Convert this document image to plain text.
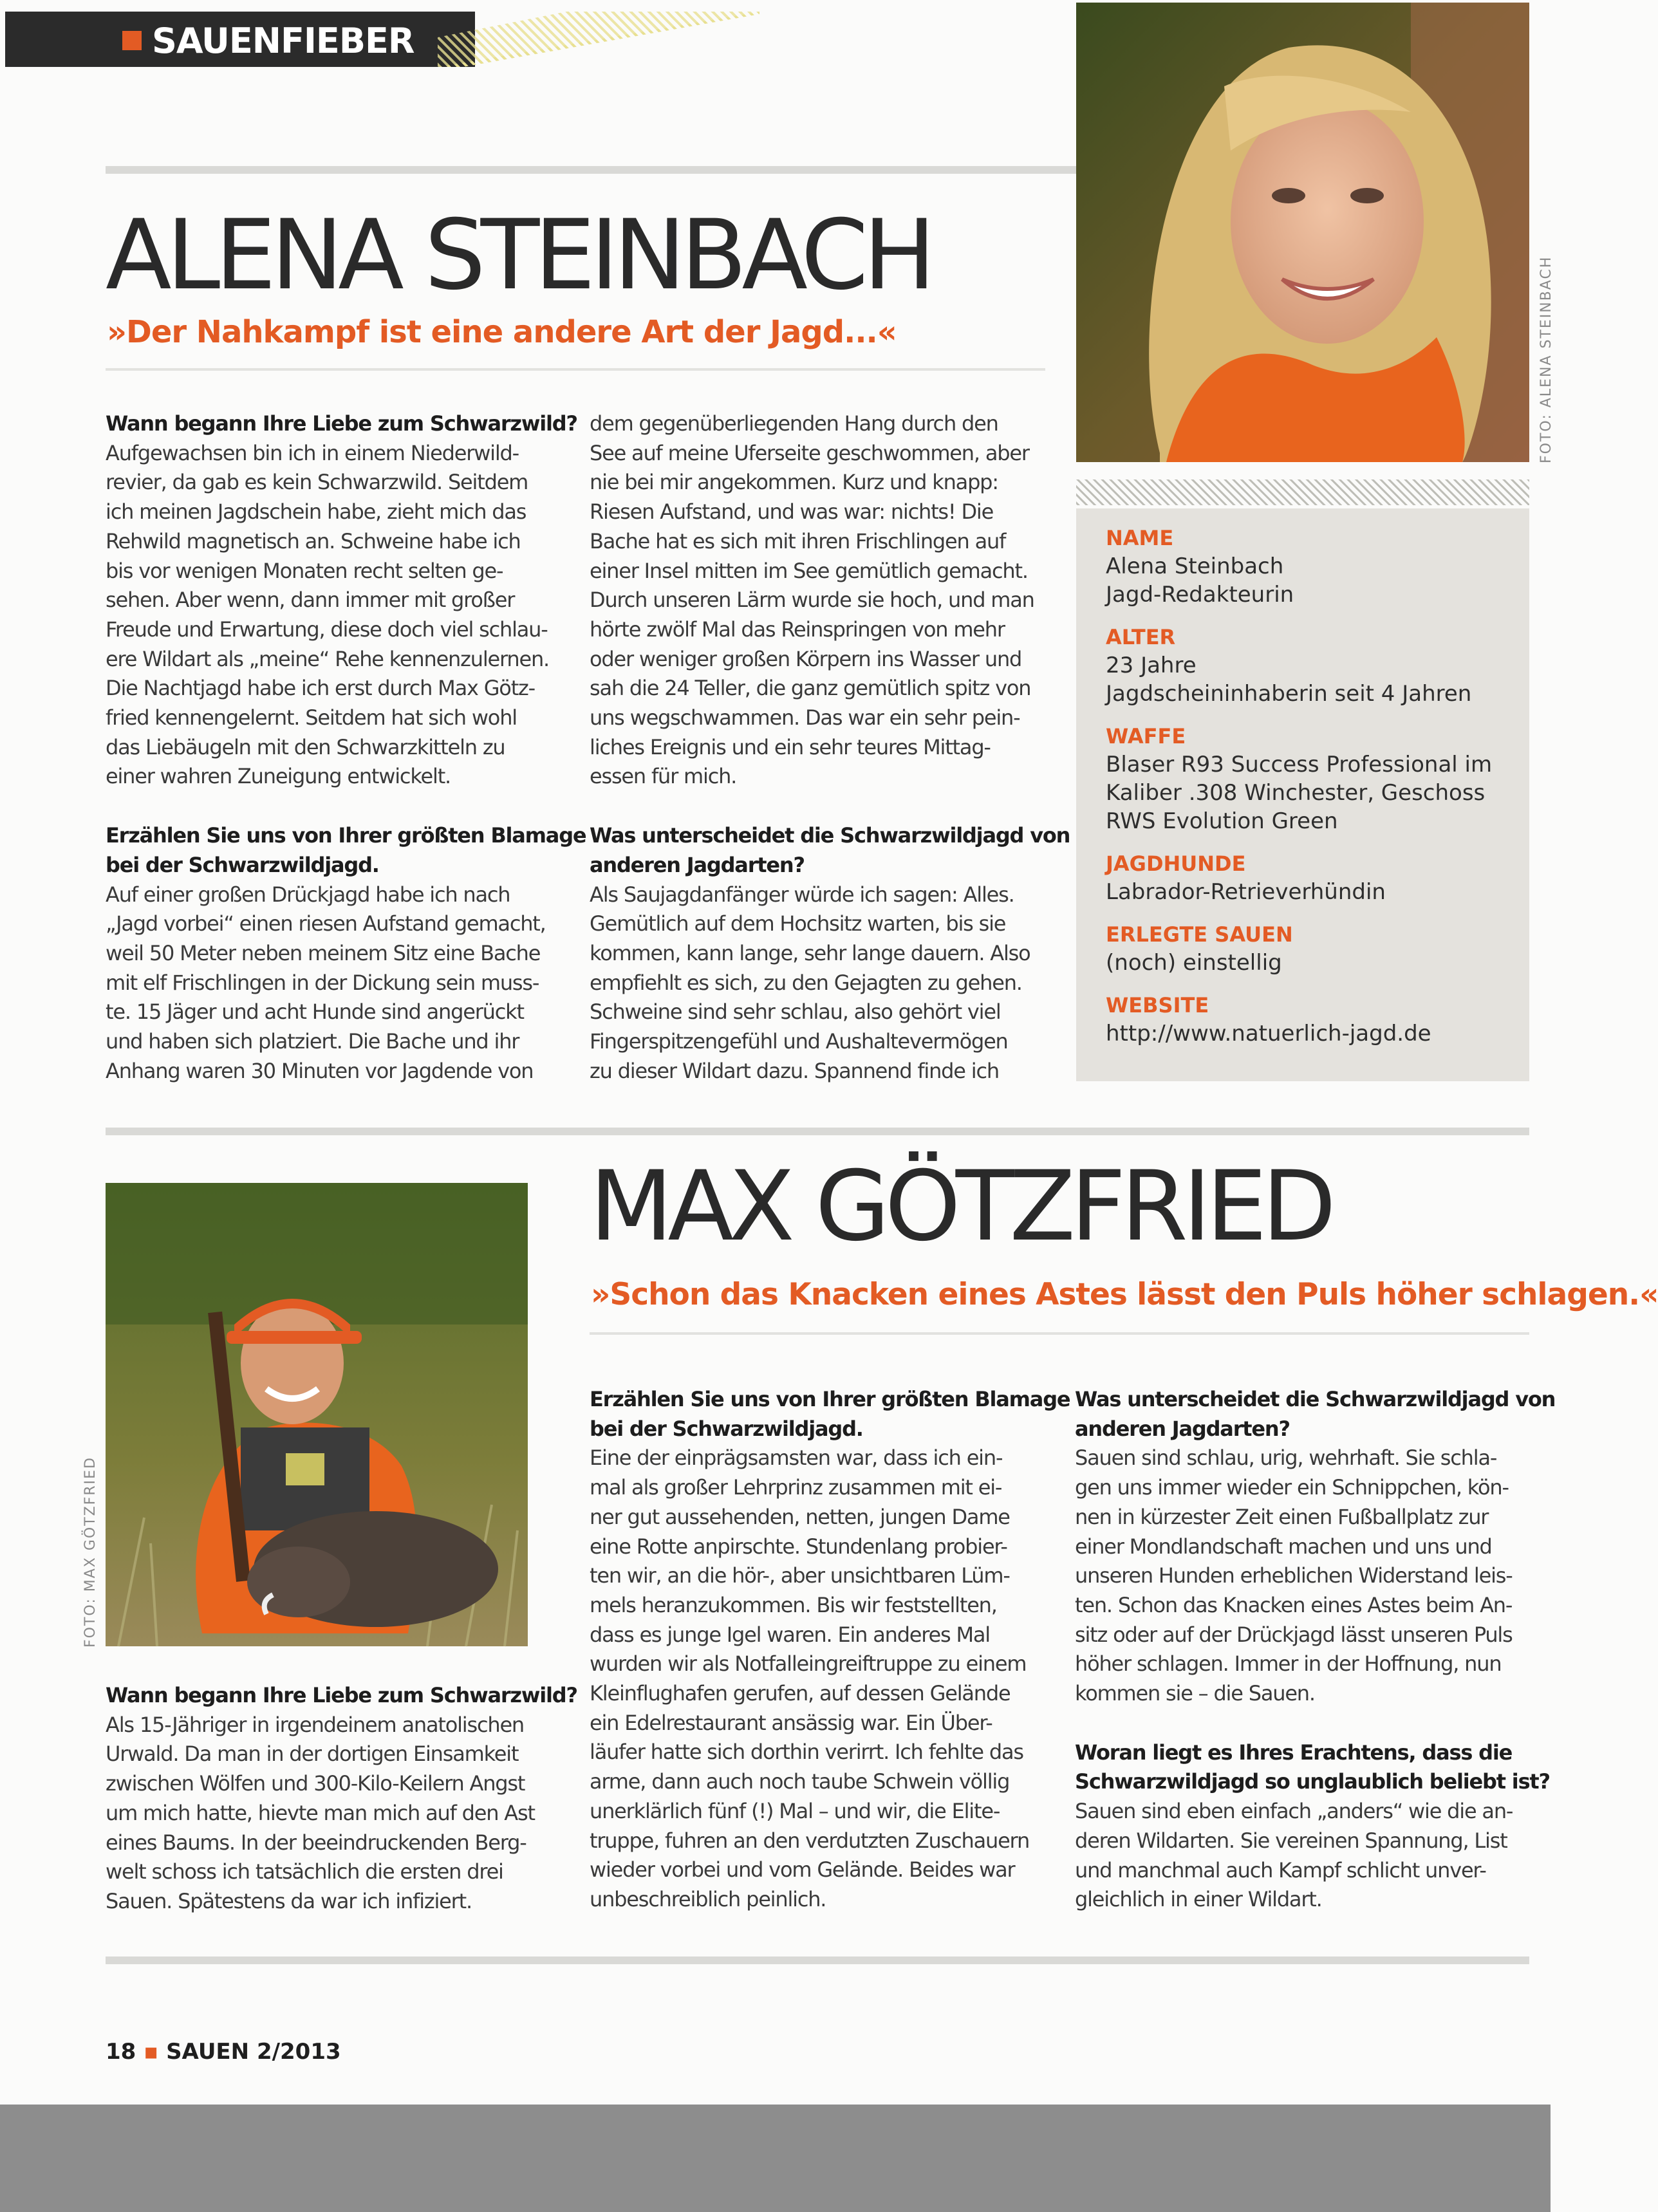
SAUENFIEBER
ALENA STEINBACH
»Der Nahkampf ist eine andere Art der Jagd...«

Wann begann Ihre Liebe zum Schwarzwild?

Aufgewachsen bin ich in einem Niederwild-
revier, da gab es kein Schwarzwild. Seitdem
ich meinen Jagdschein habe, zieht mich das
Rehwild magnetisch an. Schweine habe ich
bis vor wenigen Monaten recht selten ge-
sehen. Aber wenn, dann immer mit großer
Freude und Erwartung, diese doch viel schlau-
ere Wildart als „meine“ Rehe kennenzulernen.
Die Nachtjagd habe ich erst durch Max Götz-
fried kennengelernt. Seitdem hat sich wohl
das Liebäugeln mit den Schwarzkitteln zu
einer wahren Zuneigung entwickelt.

Erzählen Sie uns von Ihrer größten Blamage
bei der Schwarzwildjagd.

Auf einer großen Drückjagd habe ich nach
„Jagd vorbei“ einen riesen Aufstand gemacht,
weil 50 Meter neben meinem Sitz eine Bache
mit elf Frischlingen in der Dickung sein muss-
te. 15 Jäger und acht Hunde sind angerückt
und haben sich platziert. Die Bache und ihr
Anhang waren 30 Minuten vor Jagdende von

dem gegenüberliegenden Hang durch den
See auf meine Uferseite geschwommen, aber
nie bei mir angekommen. Kurz und knapp:
Riesen Aufstand, und was war: nichts! Die
Bache hat es sich mit ihren Frischlingen auf
einer Insel mitten im See gemütlich gemacht.
Durch unseren Lärm wurde sie hoch, und man
hörte zwölf Mal das Reinspringen von mehr
oder weniger großen Körpern ins Wasser und
sah die 24 Teller, die ganz gemütlich spitz von
uns wegschwammen. Das war ein sehr pein-
liches Ereignis und ein sehr teures Mittag-
essen für mich.

Was unterscheidet die Schwarzwildjagd von
anderen Jagdarten?

Als Saujagdanfänger würde ich sagen: Alles.
Gemütlich auf dem Hochsitz warten, bis sie
kommen, kann lange, sehr lange dauern. Also
empfiehlt es sich, zu den Gejagten zu gehen.
Schweine sind sehr schlau, also gehört viel
Fingerspitzengefühl und Aushaltevermögen
zu dieser Wildart dazu. Spannend finde ich

FOTO: ALENA STEINBACH
NAME
Alena Steinbach
Jagd-Redakteurin
ALTER
23 Jahre
Jagdscheininhaberin seit 4 Jahren
WAFFE
Blaser R93 Success Professional im
Kaliber .308 Winchester, Geschoss
RWS Evolution Green
JAGDHUNDE
Labrador-Retrieverhündin
ERLEGTE SAUEN
(noch) einstellig
WEBSITE
http://www.natuerlich-jagd.de
FOTO: MAX GÖTZFRIED
MAX GÖTZFRIED
»Schon das Knacken eines Astes lässt den Puls höher schlagen.«

Wann begann Ihre Liebe zum Schwarzwild?

Als 15-Jähriger in irgendeinem anatolischen
Urwald. Da man in der dortigen Einsamkeit
zwischen Wölfen und 300-Kilo-Keilern Angst
um mich hatte, hievte man mich auf den Ast
eines Baums. In der beeindruckenden Berg-
welt schoss ich tatsächlich die ersten drei
Sauen. Spätestens da war ich infiziert.

Erzählen Sie uns von Ihrer größten Blamage
bei der Schwarzwildjagd.

Eine der einprägsamsten war, dass ich ein-
mal als großer Lehrprinz zusammen mit ei-
ner gut aussehenden, netten, jungen Dame
eine Rotte anpirschte. Stundenlang probier-
ten wir, an die hör-, aber unsichtbaren Lüm-
mels heranzukommen. Bis wir feststellten,
dass es junge Igel waren. Ein anderes Mal
wurden wir als Notfalleingreiftruppe zu einem
Kleinflughafen gerufen, auf dessen Gelände
ein Edelrestaurant ansässig war. Ein Über-
läufer hatte sich dorthin verirrt. Ich fehlte das
arme, dann auch noch taube Schwein völlig
unerklärlich fünf (!) Mal – und wir, die Elite-
truppe, fuhren an den verdutzten Zuschauern
wieder vorbei und vom Gelände. Beides war
unbeschreiblich peinlich.

Was unterscheidet die Schwarzwildjagd von
anderen Jagdarten?

Sauen sind schlau, urig, wehrhaft. Sie schla-
gen uns immer wieder ein Schnippchen, kön-
nen in kürzester Zeit einen Fußballplatz zur
einer Mondlandschaft machen und uns und
unseren Hunden erheblichen Widerstand leis-
ten. Schon das Knacken eines Astes beim An-
sitz oder auf der Drückjagd lässt unseren Puls
höher schlagen. Immer in der Hoffnung, nun
kommen sie – die Sauen.

Woran liegt es Ihres Erachtens, dass die
Schwarzwildjagd so unglaublich beliebt ist?

Sauen sind eben einfach „anders“ wie die an-
deren Wildarten. Sie vereinen Spannung, List
und manchmal auch Kampf schlicht unver-
gleichlich in einer Wildart.

18 ▪ SAUEN 2/2013
